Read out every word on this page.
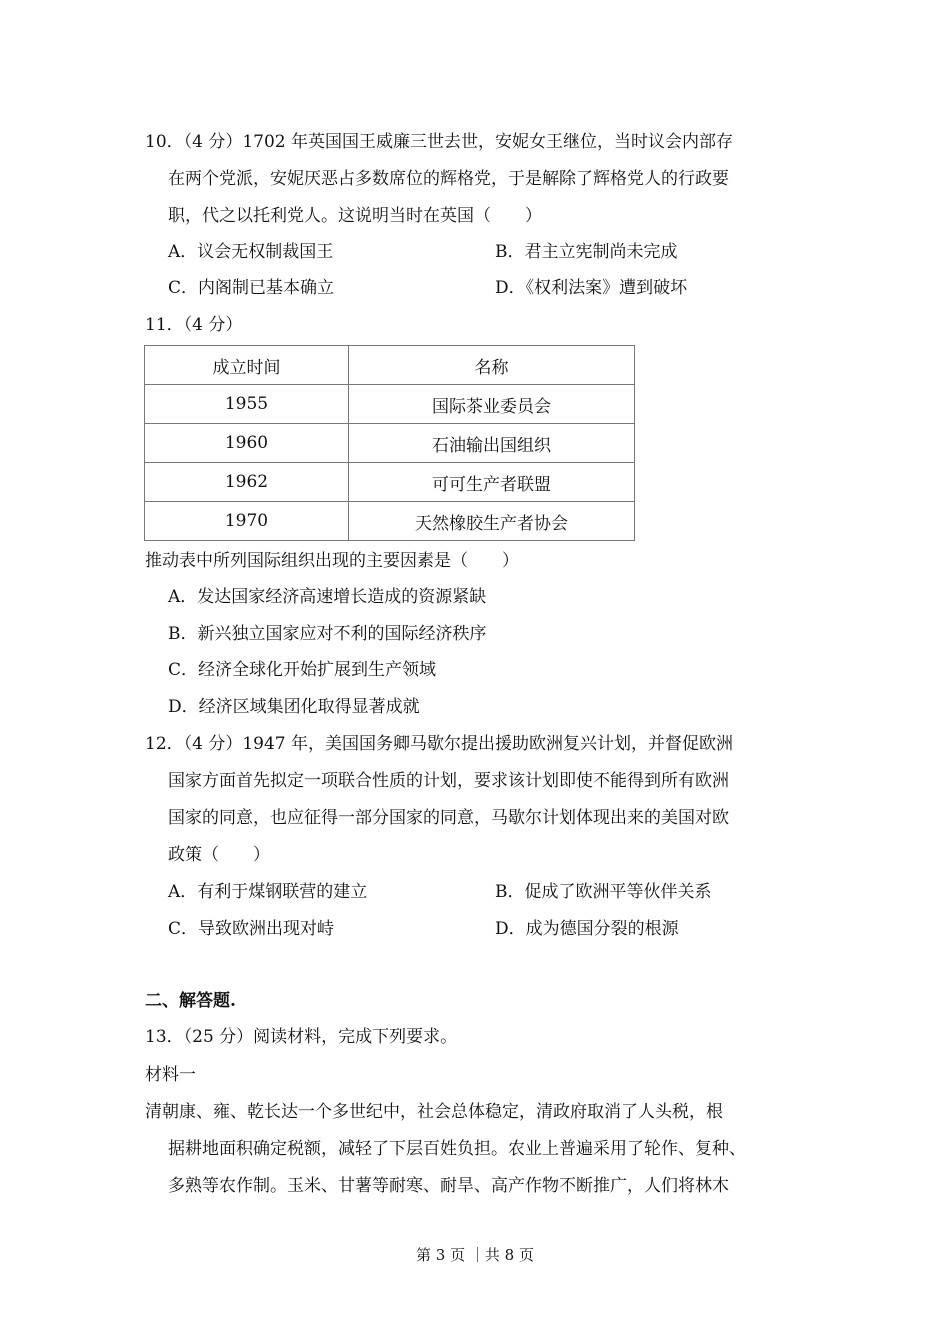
10．（4 分）1702 年英国国王威廉三世去世，安妮女王继位，当时议会内部存
在两个党派，安妮厌恶占多数席位的辉格党，于是解除了辉格党人的行政要
职，代之以托利党人。这说明当时在英国（　　）
A．议会无权制裁国王	B．君主立宪制尚未完成
C．内阁制已基本确立	D．《权利法案》遭到破坏
11．（4 分）
成立时间	名称
1955	国际茶业委员会
1960	石油输出国组织
1962	可可生产者联盟
1970	天然橡胶生产者协会
推动表中所列国际组织出现的主要因素是（　　）
A．发达国家经济高速增长造成的资源紧缺
B．新兴独立国家应对不利的国际经济秩序
C．经济全球化开始扩展到生产领域
D．经济区域集团化取得显著成就
12．（4 分）1947 年，美国国务卿马歇尔提出援助欧洲复兴计划，并督促欧洲
国家方面首先拟定一项联合性质的计划，要求该计划即使不能得到所有欧洲
国家的同意，也应征得一部分国家的同意，马歇尔计划体现出来的美国对欧
政策（　　）
A．有利于煤钢联营的建立	B．促成了欧洲平等伙伴关系
C．导致欧洲出现对峙	D．成为德国分裂的根源
二、解答题.
13．（25 分）阅读材料，完成下列要求。
材料一
清朝康、雍、乾长达一个多世纪中，社会总体稳定，清政府取消了人头税，根
据耕地面积确定税额，减轻了下层百姓负担。农业上普遍采用了轮作、复种、
多熟等农作制。玉米、甘薯等耐寒、耐旱、高产作物不断推广，人们将林木
第 3 页 ｜共 8 页
